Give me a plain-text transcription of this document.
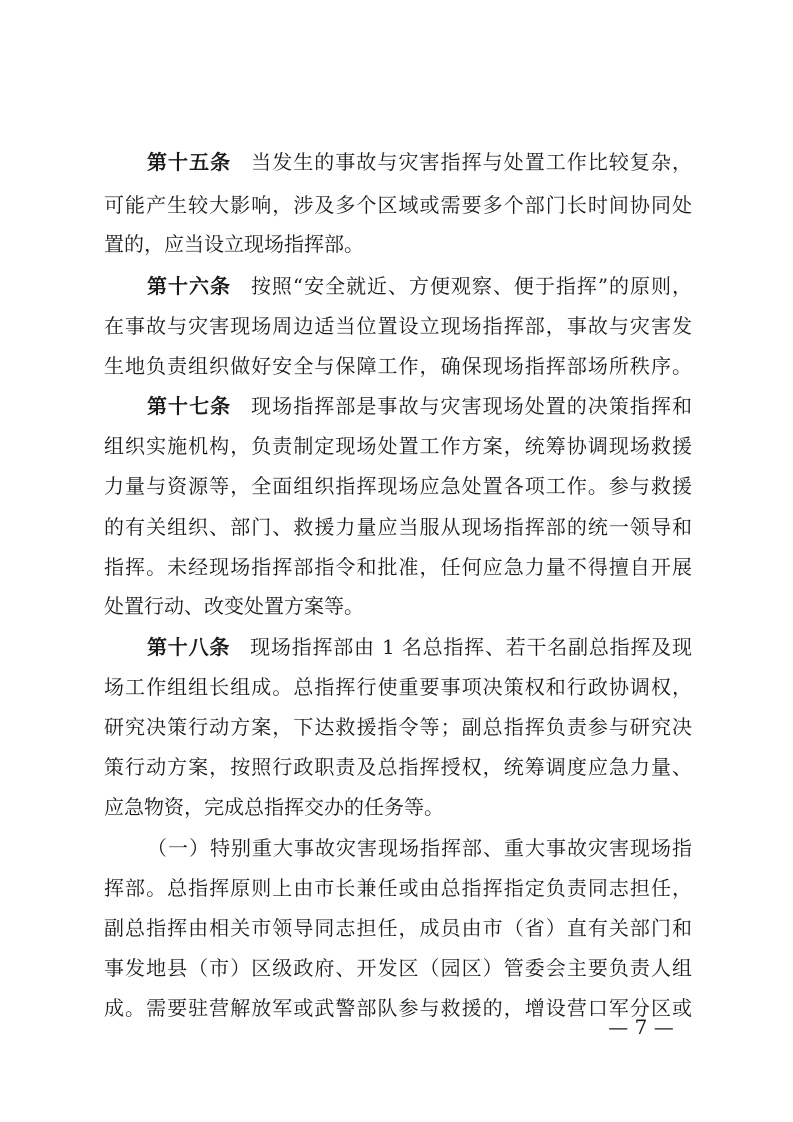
第十五条 当发生的事故与灾害指挥与处置工作比较复杂，
可能产生较大影响，涉及多个区域或需要多个部门长时间协同处
置的，应当设立现场指挥部。
第十六条 按照“安全就近、方便观察、便于指挥”的原则，
在事故与灾害现场周边适当位置设立现场指挥部，事故与灾害发
生地负责组织做好安全与保障工作，确保现场指挥部场所秩序。
第十七条 现场指挥部是事故与灾害现场处置的决策指挥和
组织实施机构，负责制定现场处置工作方案，统筹协调现场救援
力量与资源等，全面组织指挥现场应急处置各项工作。参与救援
的有关组织、部门、救援力量应当服从现场指挥部的统一领导和
指挥。未经现场指挥部指令和批准，任何应急力量不得擅自开展
处置行动、改变处置方案等。
第十八条 现场指挥部由 1 名总指挥、若干名副总指挥及现
场工作组组长组成。总指挥行使重要事项决策权和行政协调权，
研究决策行动方案，下达救援指令等；副总指挥负责参与研究决
策行动方案，按照行政职责及总指挥授权，统筹调度应急力量、
应急物资，完成总指挥交办的任务等。
（一）特别重大事故灾害现场指挥部、重大事故灾害现场指
挥部。总指挥原则上由市长兼任或由总指挥指定负责同志担任，
副总指挥由相关市领导同志担任，成员由市（省）直有关部门和
事发地县（市）区级政府、开发区（园区）管委会主要负责人组
成。需要驻营解放军或武警部队参与救援的，增设营口军分区或
— 7 —
